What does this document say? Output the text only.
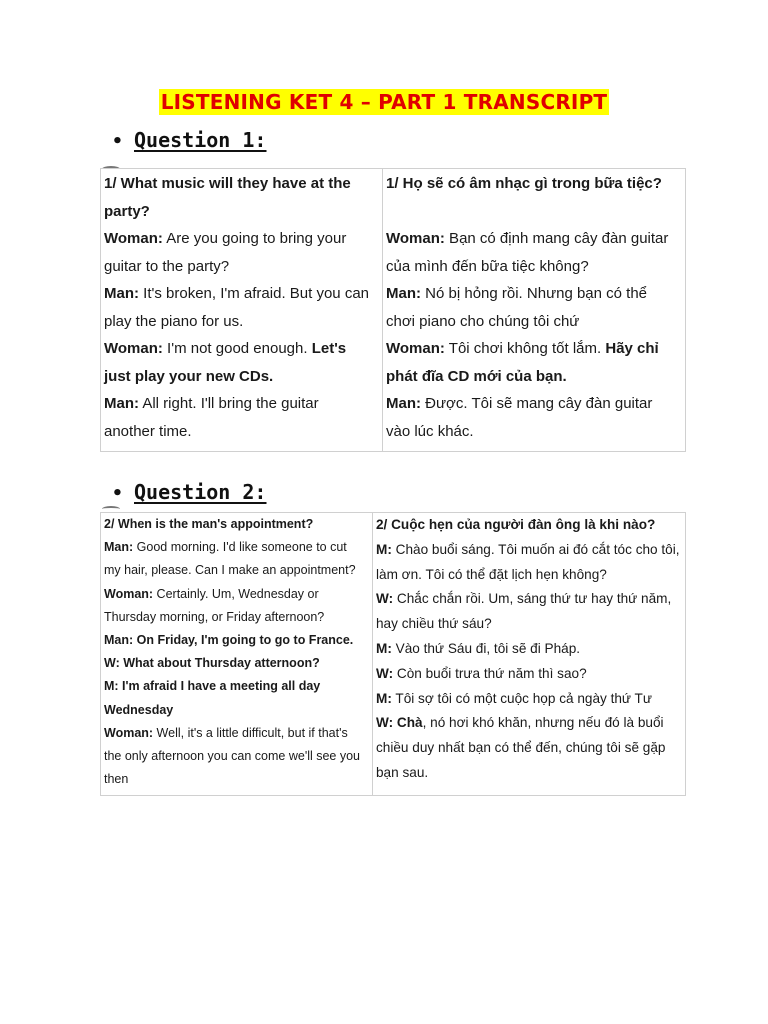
LISTENING KET 4 – PART 1 TRANSCRIPT
• Question 1:
1/ What music will they have at the
party?
Woman: Are you going to bring your
guitar to the party?
Man: It's broken, I'm afraid. But you can
play the piano for us.
Woman: I'm not good enough. Let's
just play your new CDs.
Man: All right. I'll bring the guitar
another time.

1/ Họ sẽ có âm nhạc gì trong bữa tiệc?

Woman: Bạn có định mang cây đàn guitar
của mình đến bữa tiệc không?
Man: Nó bị hỏng rồi. Nhưng bạn có thể
chơi piano cho chúng tôi chứ
Woman: Tôi chơi không tốt lắm. Hãy chỉ
phát đĩa CD mới của bạn.
Man: Được. Tôi sẽ mang cây đàn guitar
vào lúc khác.
• Question 2:
2/ When is the man's appointment?
Man: Good morning. I'd like someone to cut
my hair, please. Can I make an appointment?
Woman: Certainly. Um, Wednesday or
Thursday morning, or Friday afternoon?
Man: On Friday, I'm going to go to France.
W: What about Thursday atternoon?
M: I'm afraid I have a meeting all day
Wednesday
Woman: Well, it's a little difficult, but if that's
the only afternoon you can come we'll see you
then

2/ Cuộc hẹn của người đàn ông là khi nào?
M: Chào buổi sáng. Tôi muốn ai đó cắt tóc cho tôi,
làm ơn. Tôi có thể đặt lịch hẹn không?
W: Chắc chắn rồi. Um, sáng thứ tư hay thứ năm,
hay chiều thứ sáu?
M: Vào thứ Sáu đi, tôi sẽ đi Pháp.
W: Còn buổi trưa thứ năm thì sao?
M: Tôi sợ tôi có một cuộc họp cả ngày thứ Tư
W: Chà, nó hơi khó khăn, nhưng nếu đó là buổi
chiều duy nhất bạn có thể đến, chúng tôi sẽ gặp
bạn sau.
